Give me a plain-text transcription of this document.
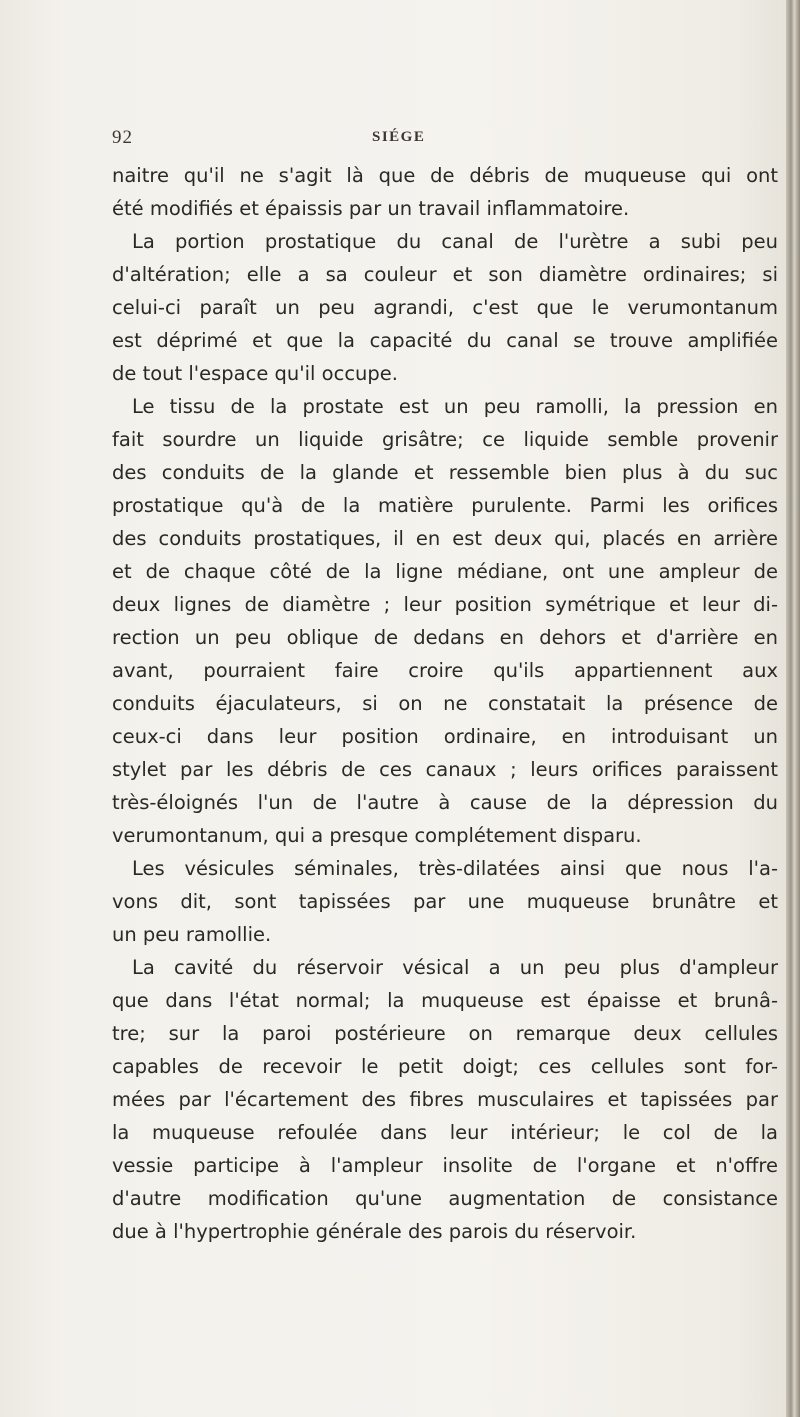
92	SIÉGE
naitre qu'il ne s'agit là que de débris de muqueuse qui ont
été modifiés et épaissis par un travail inflammatoire.
La portion prostatique du canal de l'urètre a subi peu
d'altération; elle a sa couleur et son diamètre ordinaires; si
celui-ci paraît un peu agrandi, c'est que le verumontanum
est déprimé et que la capacité du canal se trouve amplifiée
de tout l'espace qu'il occupe.
Le tissu de la prostate est un peu ramolli, la pression en
fait sourdre un liquide grisâtre; ce liquide semble provenir
des conduits de la glande et ressemble bien plus à du suc
prostatique qu'à de la matière purulente. Parmi les orifices
des conduits prostatiques, il en est deux qui, placés en arrière
et de chaque côté de la ligne médiane, ont une ampleur de
deux lignes de diamètre ; leur position symétrique et leur di-
rection un peu oblique de dedans en dehors et d'arrière en
avant, pourraient faire croire qu'ils appartiennent aux
conduits éjaculateurs, si on ne constatait la présence de
ceux-ci dans leur position ordinaire, en introduisant un
stylet par les débris de ces canaux ; leurs orifices paraissent
très-éloignés l'un de l'autre à cause de la dépression du
verumontanum, qui a presque complétement disparu.
Les vésicules séminales, très-dilatées ainsi que nous l'a-
vons dit, sont tapissées par une muqueuse brunâtre et
un peu ramollie.
La cavité du réservoir vésical a un peu plus d'ampleur
que dans l'état normal; la muqueuse est épaisse et brunâ-
tre; sur la paroi postérieure on remarque deux cellules
capables de recevoir le petit doigt; ces cellules sont for-
mées par l'écartement des fibres musculaires et tapissées par
la muqueuse refoulée dans leur intérieur; le col de la
vessie participe à l'ampleur insolite de l'organe et n'offre
d'autre modification qu'une augmentation de consistance
due à l'hypertrophie générale des parois du réservoir.
